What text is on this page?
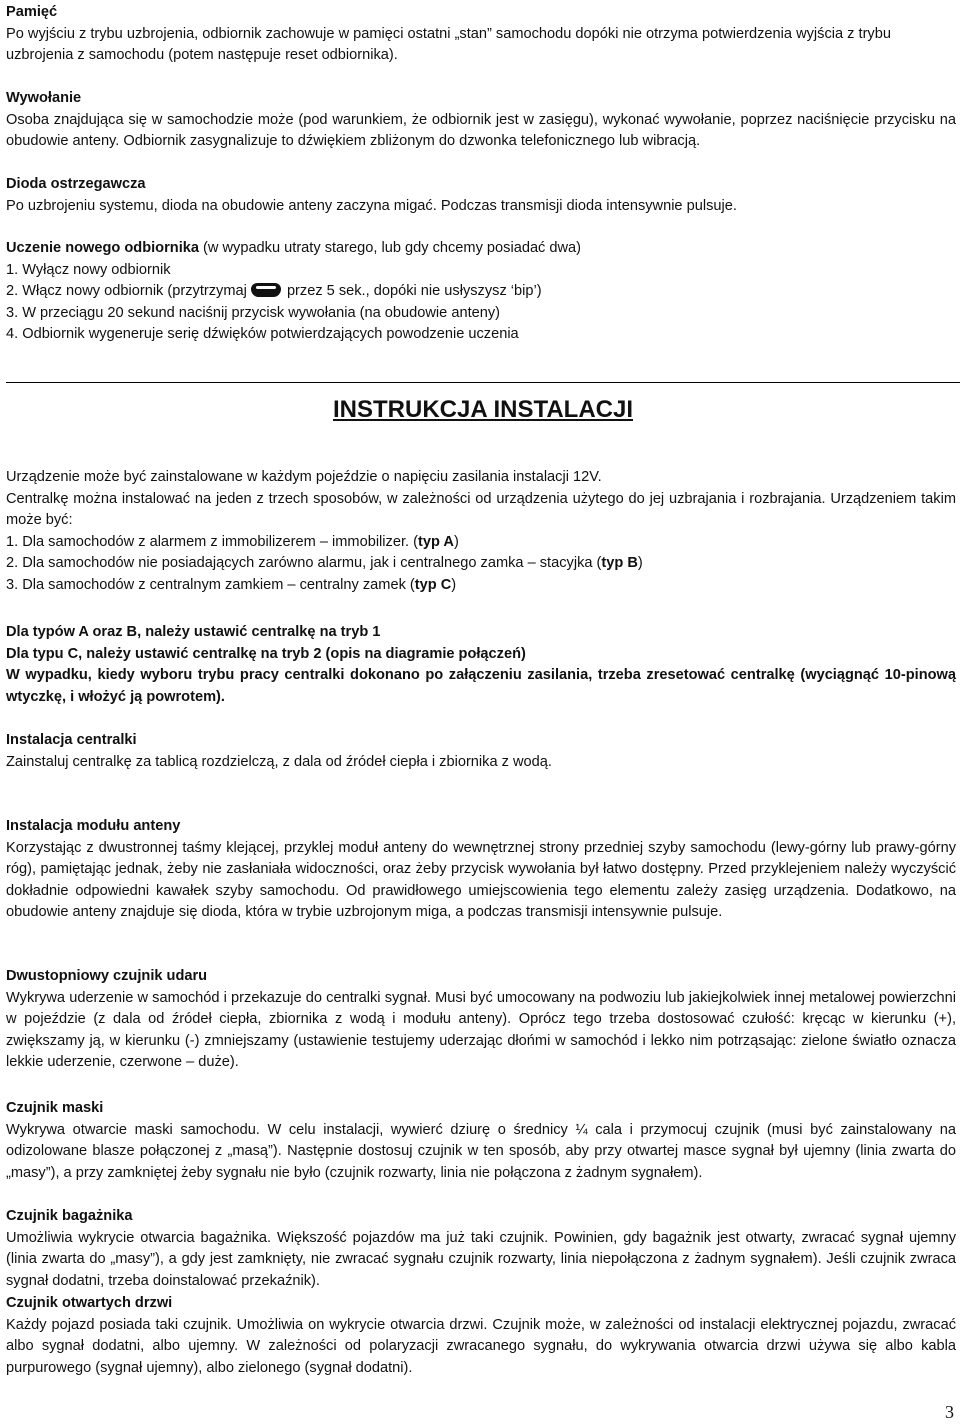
Pamięć
Po wyjściu z trybu uzbrojenia, odbiornik zachowuje w pamięci ostatni „stan” samochodu dopóki nie otrzyma potwierdzenia wyjścia z trybu uzbrojenia z samochodu (potem następuje reset odbiornika).
Wywołanie
Osoba znajdująca się w samochodzie może (pod warunkiem, że odbiornik jest w zasięgu), wykonać wywołanie, poprzez naciśnięcie przycisku na obudowie anteny. Odbiornik zasygnalizuje to dźwiękiem zbliżonym do dzwonka telefonicznego lub wibracją.
Dioda ostrzegawcza
Po uzbrojeniu systemu, dioda na obudowie anteny zaczyna migać. Podczas transmisji dioda intensywnie pulsuje.
Uczenie nowego odbiornika (w wypadku utraty starego, lub gdy chcemy posiadać dwa)
1. Wyłącz nowy odbiornik
2. Włącz nowy odbiornik (przytrzymaj	przez 5 sek., dopóki nie usłyszysz ‘bip’)
3. W przeciągu 20 sekund naciśnij przycisk wywołania (na obudowie anteny)
4. Odbiornik wygeneruje serię dźwięków potwierdzających powodzenie uczenia
INSTRUKCJA INSTALACJI
Urządzenie może być zainstalowane w każdym pojeździe o napięciu zasilania instalacji 12V.
Centralkę można instalować na jeden z trzech sposobów, w zależności od urządzenia użytego do jej uzbrajania i rozbrajania. Urządzeniem takim może być:
1. Dla samochodów z alarmem z immobilizerem – immobilizer. (typ A)
2. Dla samochodów nie posiadających zarówno alarmu, jak i centralnego zamka – stacyjka (typ B)
3. Dla samochodów z centralnym zamkiem – centralny zamek (typ C)
Dla typów A oraz B, należy ustawić centralkę na tryb 1
Dla typu C, należy ustawić centralkę na tryb 2 (opis na diagramie połączeń)
W wypadku, kiedy wyboru trybu pracy centralki dokonano po załączeniu zasilania, trzeba zresetować centralkę (wyciągnąć 10-pinową wtyczkę, i włożyć ją powrotem).
Instalacja centralki
Zainstaluj centralkę za tablicą rozdzielczą, z dala od źródeł ciepła i zbiornika z wodą.
Instalacja modułu anteny
Korzystając z dwustronnej taśmy klejącej, przyklej moduł anteny do wewnętrznej strony przedniej szyby samochodu (lewy-górny lub prawy-górny róg), pamiętając jednak, żeby nie zasłaniała widoczności, oraz żeby przycisk wywołania był łatwo dostępny. Przed przyklejeniem należy wyczyścić dokładnie odpowiedni kawałek szyby samochodu. Od prawidłowego umiejscowienia tego elementu zależy zasięg urządzenia. Dodatkowo, na obudowie anteny znajduje się dioda, która w trybie uzbrojonym miga, a podczas transmisji intensywnie pulsuje.
Dwustopniowy czujnik udaru
Wykrywa uderzenie w samochód i przekazuje do centralki sygnał. Musi być umocowany na podwoziu lub jakiejkolwiek innej metalowej powierzchni w pojeździe (z dala od źródeł ciepła, zbiornika z wodą i modułu anteny). Oprócz tego trzeba dostosować czułość: kręcąc w kierunku (+), zwiększamy ją, w kierunku (-) zmniejszamy (ustawienie testujemy uderzając dłońmi w samochód i lekko nim potrząsając: zielone światło oznacza lekkie uderzenie, czerwone – duże).
Czujnik maski
Wykrywa otwarcie maski samochodu. W celu instalacji, wywierć dziurę o średnicy ¼ cala i przymocuj czujnik (musi być zainstalowany na odizolowane blasze połączonej z „masą”). Następnie dostosuj czujnik w ten sposób, aby przy otwartej masce sygnał był ujemny (linia zwarta do „masy”), a przy zamkniętej żeby sygnału nie było (czujnik rozwarty, linia nie połączona z żadnym sygnałem).
Czujnik bagażnika
Umożliwia wykrycie otwarcia bagażnika. Większość pojazdów ma już taki czujnik. Powinien, gdy bagażnik jest otwarty, zwracać sygnał ujemny (linia zwarta do „masy”), a gdy jest zamknięty, nie zwracać sygnału czujnik rozwarty, linia niepołączona z żadnym sygnałem). Jeśli czujnik zwraca sygnał dodatni, trzeba doinstalować przekaźnik).
Czujnik otwartych drzwi
Każdy pojazd posiada taki czujnik. Umożliwia on wykrycie otwarcia drzwi. Czujnik może, w zależności od instalacji elektrycznej pojazdu, zwracać albo sygnał dodatni, albo ujemny. W zależności od polaryzacji zwracanego sygnału, do wykrywania otwarcia drzwi używa się albo kabla purpurowego (sygnał ujemny), albo zielonego (sygnał dodatni).
3
